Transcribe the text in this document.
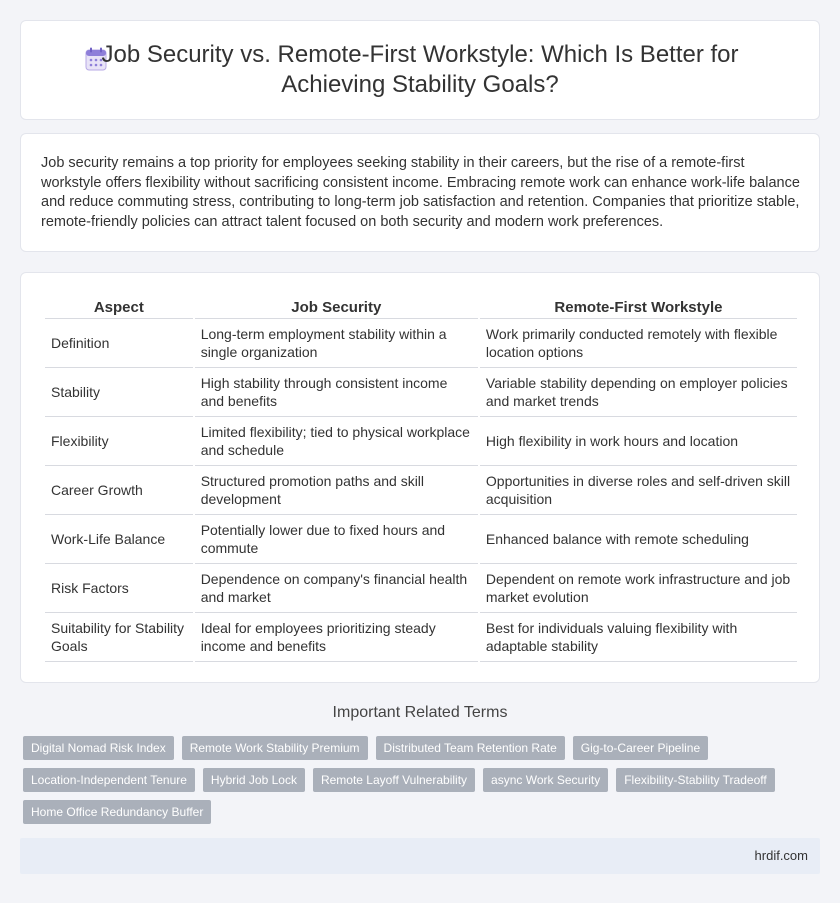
Job Security vs. Remote-First Workstyle: Which Is Better for Achieving Stability Goals?

Job security remains a top priority for employees seeking stability in their careers, but the rise of a remote-first workstyle offers flexibility without sacrificing consistent income. Embracing remote work can enhance work-life balance and reduce commuting stress, contributing to long-term job satisfaction and retention. Companies that prioritize stable, remote-friendly policies can attract talent focused on both security and modern work preferences.

Aspect	Job Security	Remote-First Workstyle
Definition	Long-term employment stability within a single organization	Work primarily conducted remotely with flexible location options
Stability	High stability through consistent income and benefits	Variable stability depending on employer policies and market trends
Flexibility	Limited flexibility; tied to physical workplace and schedule	High flexibility in work hours and location
Career Growth	Structured promotion paths and skill development	Opportunities in diverse roles and self-driven skill acquisition
Work-Life Balance	Potentially lower due to fixed hours and commute	Enhanced balance with remote scheduling
Risk Factors	Dependence on company's financial health and market	Dependent on remote work infrastructure and job market evolution
Suitability for Stability Goals	Ideal for employees prioritizing steady income and benefits	Best for individuals valuing flexibility with adaptable stability
Important Related Terms
Digital Nomad Risk Index	Remote Work Stability Premium	Distributed Team Retention Rate	Gig-to-Career Pipeline
Location-Independent Tenure	Hybrid Job Lock	Remote Layoff Vulnerability	async Work Security	Flexibility-Stability Tradeoff
Home Office Redundancy Buffer
hrdif.com
